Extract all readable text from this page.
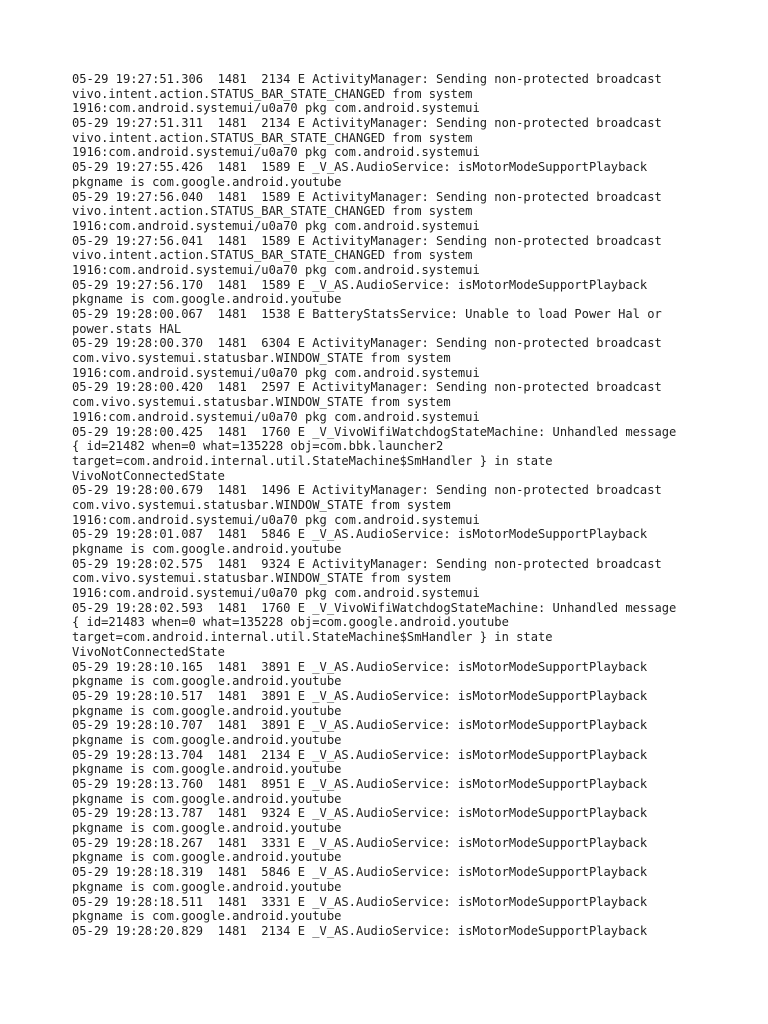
05-29 19:27:51.306  1481  2134 E ActivityManager: Sending non-protected broadcast
vivo.intent.action.STATUS_BAR_STATE_CHANGED from system
1916:com.android.systemui/u0a70 pkg com.android.systemui
05-29 19:27:51.311  1481  2134 E ActivityManager: Sending non-protected broadcast
vivo.intent.action.STATUS_BAR_STATE_CHANGED from system
1916:com.android.systemui/u0a70 pkg com.android.systemui
05-29 19:27:55.426  1481  1589 E _V_AS.AudioService: isMotorModeSupportPlayback
pkgname is com.google.android.youtube
05-29 19:27:56.040  1481  1589 E ActivityManager: Sending non-protected broadcast
vivo.intent.action.STATUS_BAR_STATE_CHANGED from system
1916:com.android.systemui/u0a70 pkg com.android.systemui
05-29 19:27:56.041  1481  1589 E ActivityManager: Sending non-protected broadcast
vivo.intent.action.STATUS_BAR_STATE_CHANGED from system
1916:com.android.systemui/u0a70 pkg com.android.systemui
05-29 19:27:56.170  1481  1589 E _V_AS.AudioService: isMotorModeSupportPlayback
pkgname is com.google.android.youtube
05-29 19:28:00.067  1481  1538 E BatteryStatsService: Unable to load Power Hal or
power.stats HAL
05-29 19:28:00.370  1481  6304 E ActivityManager: Sending non-protected broadcast
com.vivo.systemui.statusbar.WINDOW_STATE from system
1916:com.android.systemui/u0a70 pkg com.android.systemui
05-29 19:28:00.420  1481  2597 E ActivityManager: Sending non-protected broadcast
com.vivo.systemui.statusbar.WINDOW_STATE from system
1916:com.android.systemui/u0a70 pkg com.android.systemui
05-29 19:28:00.425  1481  1760 E _V_VivoWifiWatchdogStateMachine: Unhandled message
{ id=21482 when=0 what=135228 obj=com.bbk.launcher2
target=com.android.internal.util.StateMachine$SmHandler } in state
VivoNotConnectedState
05-29 19:28:00.679  1481  1496 E ActivityManager: Sending non-protected broadcast
com.vivo.systemui.statusbar.WINDOW_STATE from system
1916:com.android.systemui/u0a70 pkg com.android.systemui
05-29 19:28:01.087  1481  5846 E _V_AS.AudioService: isMotorModeSupportPlayback
pkgname is com.google.android.youtube
05-29 19:28:02.575  1481  9324 E ActivityManager: Sending non-protected broadcast
com.vivo.systemui.statusbar.WINDOW_STATE from system
1916:com.android.systemui/u0a70 pkg com.android.systemui
05-29 19:28:02.593  1481  1760 E _V_VivoWifiWatchdogStateMachine: Unhandled message
{ id=21483 when=0 what=135228 obj=com.google.android.youtube
target=com.android.internal.util.StateMachine$SmHandler } in state
VivoNotConnectedState
05-29 19:28:10.165  1481  3891 E _V_AS.AudioService: isMotorModeSupportPlayback
pkgname is com.google.android.youtube
05-29 19:28:10.517  1481  3891 E _V_AS.AudioService: isMotorModeSupportPlayback
pkgname is com.google.android.youtube
05-29 19:28:10.707  1481  3891 E _V_AS.AudioService: isMotorModeSupportPlayback
pkgname is com.google.android.youtube
05-29 19:28:13.704  1481  2134 E _V_AS.AudioService: isMotorModeSupportPlayback
pkgname is com.google.android.youtube
05-29 19:28:13.760  1481  8951 E _V_AS.AudioService: isMotorModeSupportPlayback
pkgname is com.google.android.youtube
05-29 19:28:13.787  1481  9324 E _V_AS.AudioService: isMotorModeSupportPlayback
pkgname is com.google.android.youtube
05-29 19:28:18.267  1481  3331 E _V_AS.AudioService: isMotorModeSupportPlayback
pkgname is com.google.android.youtube
05-29 19:28:18.319  1481  5846 E _V_AS.AudioService: isMotorModeSupportPlayback
pkgname is com.google.android.youtube
05-29 19:28:18.511  1481  3331 E _V_AS.AudioService: isMotorModeSupportPlayback
pkgname is com.google.android.youtube
05-29 19:28:20.829  1481  2134 E _V_AS.AudioService: isMotorModeSupportPlayback
